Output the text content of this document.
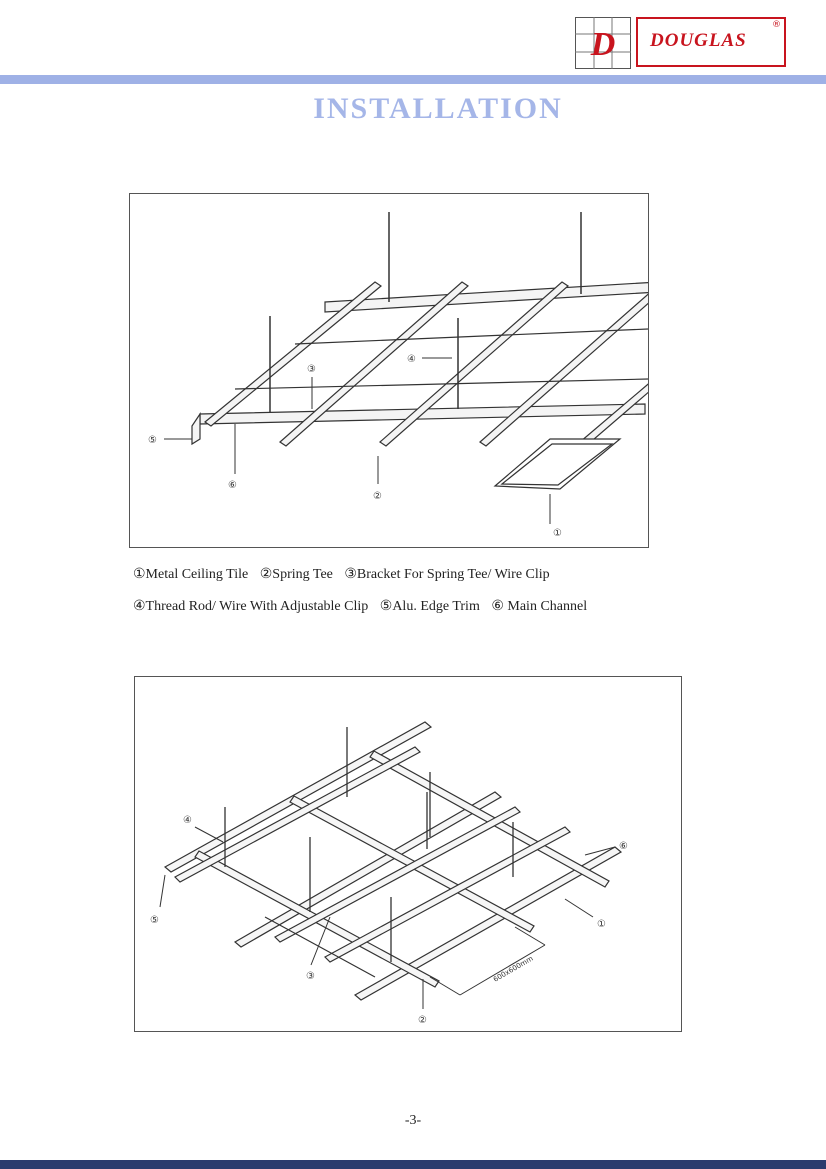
D DOUGLAS
®
INSTALLATION
①
②
③
④
⑤
⑥
①Metal Ceiling Tile ②Spring Tee ③Bracket For Spring Tee/ Wire Clip
④Thread Rod/ Wire With Adjustable Clip ⑤Alu. Edge Trim ⑥ Main Channel
600x600mm
①
②
③
④
⑤
⑥
-3-
